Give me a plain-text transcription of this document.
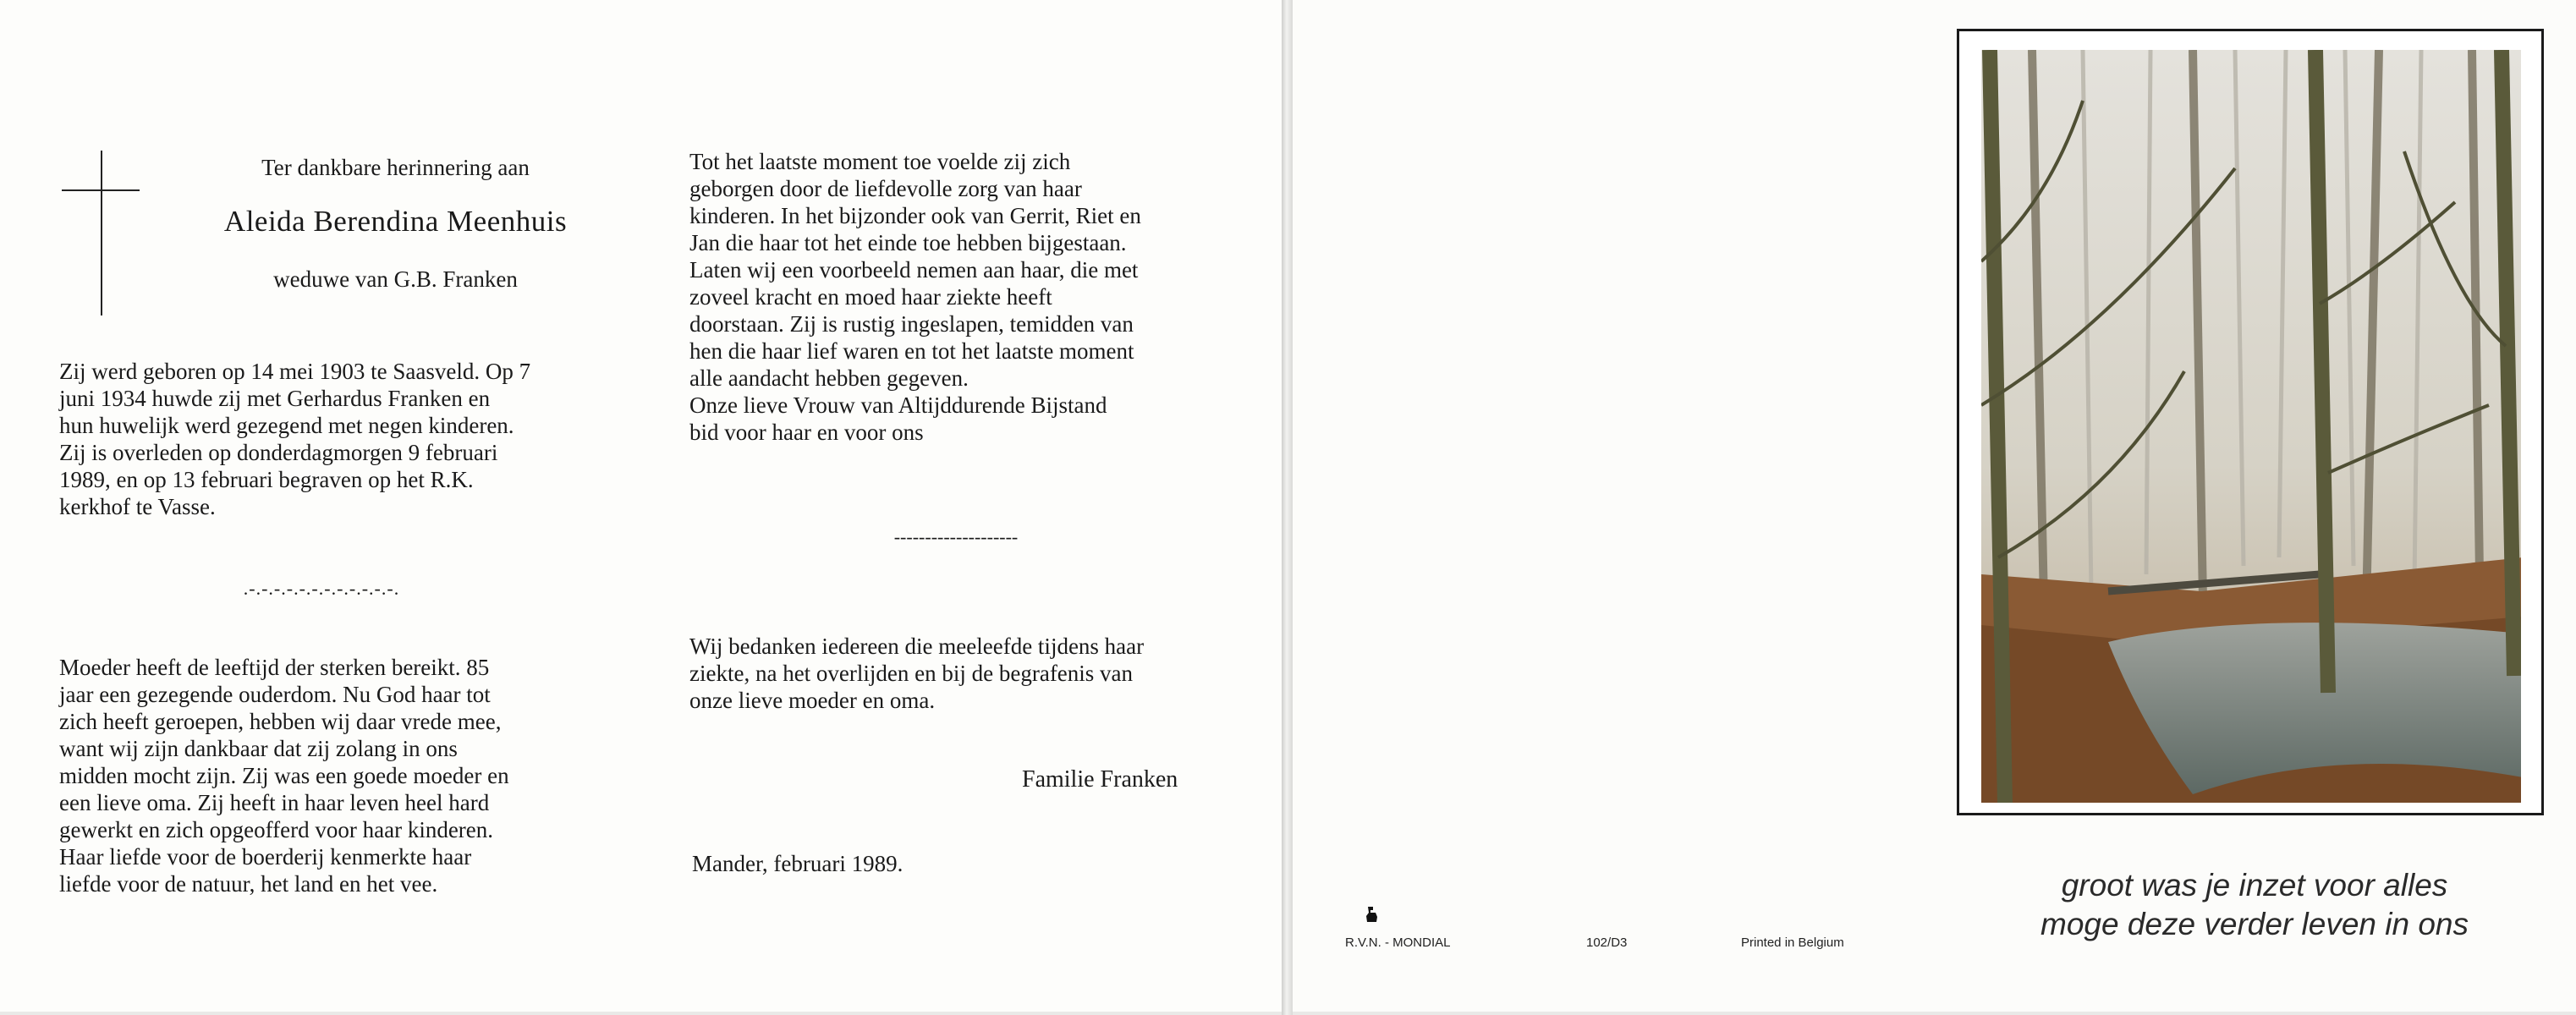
Ter dankbare herinnering aan
Aleida Berendina Meenhuis
weduwe van G.B. Franken
Zij werd geboren op 14 mei 1903 te Saasveld. Op 7
juni 1934 huwde zij met Gerhardus Franken en
hun huwelijk werd gezegend met negen kinderen.
Zij is overleden op donderdagmorgen 9 februari
1989, en op 13 februari begraven op het R.K.
kerkhof te Vasse.
.-.-.-.-.-.-.-.-.-.-.-.-.
Moeder heeft de leeftijd der sterken bereikt. 85
jaar een gezegende ouderdom. Nu God haar tot
zich heeft geroepen, hebben wij daar vrede mee,
want wij zijn dankbaar dat zij zolang in ons
midden mocht zijn. Zij was een goede moeder en
een lieve oma. Zij heeft in haar leven heel hard
gewerkt en zich opgeofferd voor haar kinderen.
Haar liefde voor de boerderij kenmerkte haar
liefde voor de natuur, het land en het vee.
Tot het laatste moment toe voelde zij zich
geborgen door de liefdevolle zorg van haar
kinderen. In het bijzonder ook van Gerrit, Riet en
Jan die haar tot het einde toe hebben bijgestaan.
Laten wij een voorbeeld nemen aan haar, die met
zoveel kracht en moed haar ziekte heeft
doorstaan. Zij is rustig ingeslapen, temidden van
hen die haar lief waren en tot het laatste moment
alle aandacht hebben gegeven.
Onze lieve Vrouw van Altijddurende Bijstand
bid voor haar en voor ons
--------------------
Wij bedanken iedereen die meeleefde tijdens haar
ziekte, na het overlijden en bij de begrafenis van
onze lieve moeder en oma.
Familie Franken
Mander, februari 1989.
R.V.N. - MONDIAL	102/D3	Printed in Belgium
groot was je inzet voor alles
moge deze verder leven in ons
